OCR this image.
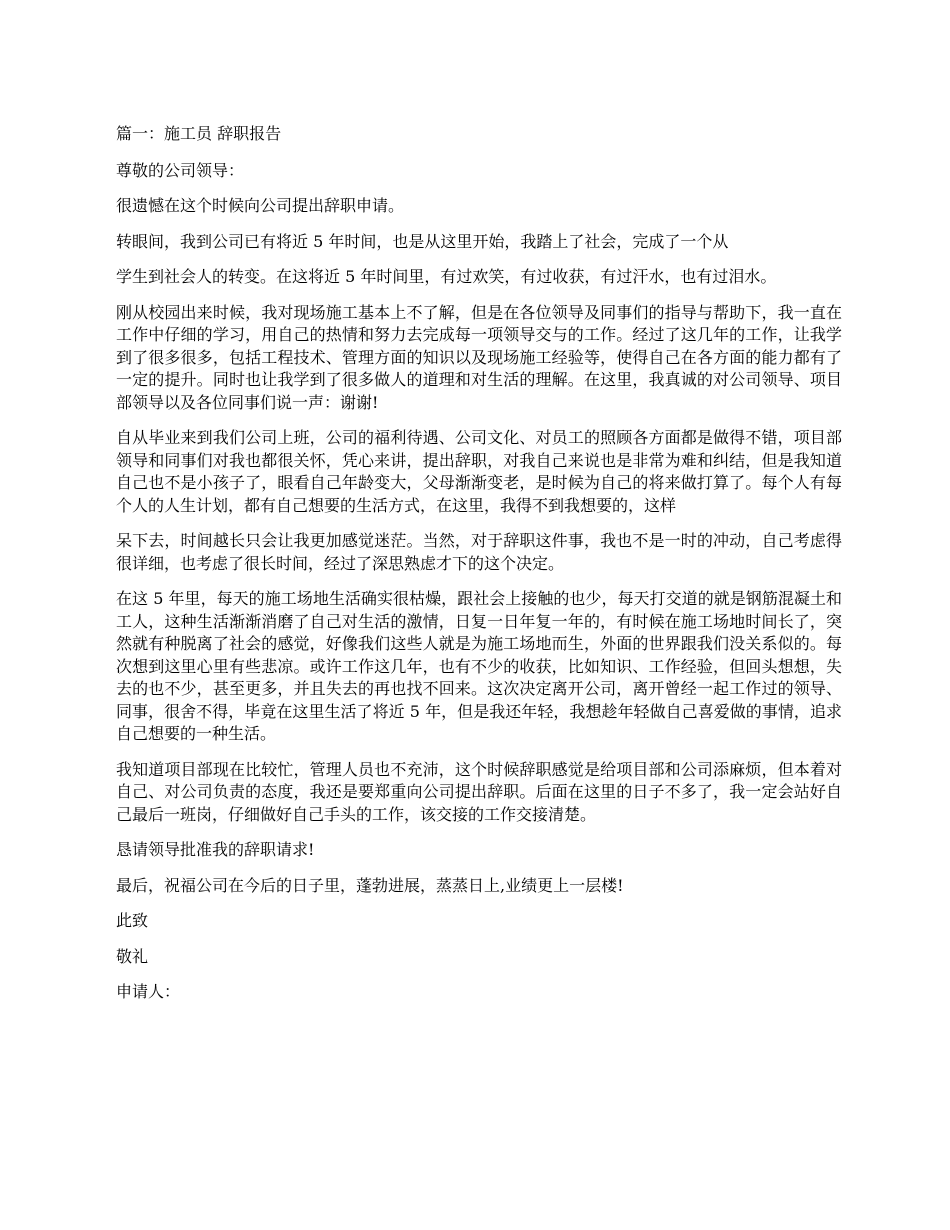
篇一：施工员 辞职报告

尊敬的公司领导：

很遗憾在这个时候向公司提出辞职申请。

转眼间，我到公司已有将近 5 年时间，也是从这里开始，我踏上了社会，完成了一个从

学生到社会人的转变。在这将近 5 年时间里，有过欢笑，有过收获，有过汗水，也有过泪水。

刚从校园出来时候，我对现场施工基本上不了解，但是在各位领导及同事们的指导与帮助下，我一直在工作中仔细的学习，用自己的热情和努力去完成每一项领导交与的工作。经过了这几年的工作，让我学到了很多很多，包括工程技术、管理方面的知识以及现场施工经验等，使得自己在各方面的能力都有了一定的提升。同时也让我学到了很多做人的道理和对生活的理解。在这里，我真诚的对公司领导、项目部领导以及各位同事们说一声：谢谢!

自从毕业来到我们公司上班，公司的福利待遇、公司文化、对员工的照顾各方面都是做得不错，项目部领导和同事们对我也都很关怀，凭心来讲，提出辞职，对我自己来说也是非常为难和纠结，但是我知道自己也不是小孩子了，眼看自己年龄变大，父母渐渐变老，是时候为自己的将来做打算了。每个人有每个人的人生计划，都有自己想要的生活方式，在这里，我得不到我想要的，这样

呆下去，时间越长只会让我更加感觉迷茫。当然，对于辞职这件事，我也不是一时的冲动，自己考虑得很详细，也考虑了很长时间，经过了深思熟虑才下的这个决定。

在这 5 年里，每天的施工场地生活确实很枯燥，跟社会上接触的也少，每天打交道的就是钢筋混凝土和工人，这种生活渐渐消磨了自己对生活的激情，日复一日年复一年的，有时候在施工场地时间长了，突然就有种脱离了社会的感觉，好像我们这些人就是为施工场地而生，外面的世界跟我们没关系似的。每次想到这里心里有些悲凉。或许工作这几年，也有不少的收获，比如知识、工作经验，但回头想想，失去的也不少，甚至更多，并且失去的再也找不回来。这次决定离开公司，离开曾经一起工作过的领导、同事，很舍不得，毕竟在这里生活了将近 5 年，但是我还年轻，我想趁年轻做自己喜爱做的事情，追求自己想要的一种生活。

我知道项目部现在比较忙，管理人员也不充沛，这个时候辞职感觉是给项目部和公司添麻烦，但本着对自己、对公司负责的态度，我还是要郑重向公司提出辞职。后面在这里的日子不多了，我一定会站好自己最后一班岗，仔细做好自己手头的工作，该交接的工作交接清楚。

恳请领导批准我的辞职请求!

最后，祝福公司在今后的日子里，蓬勃进展，蒸蒸日上,业绩更上一层楼!

此致

敬礼

申请人：
